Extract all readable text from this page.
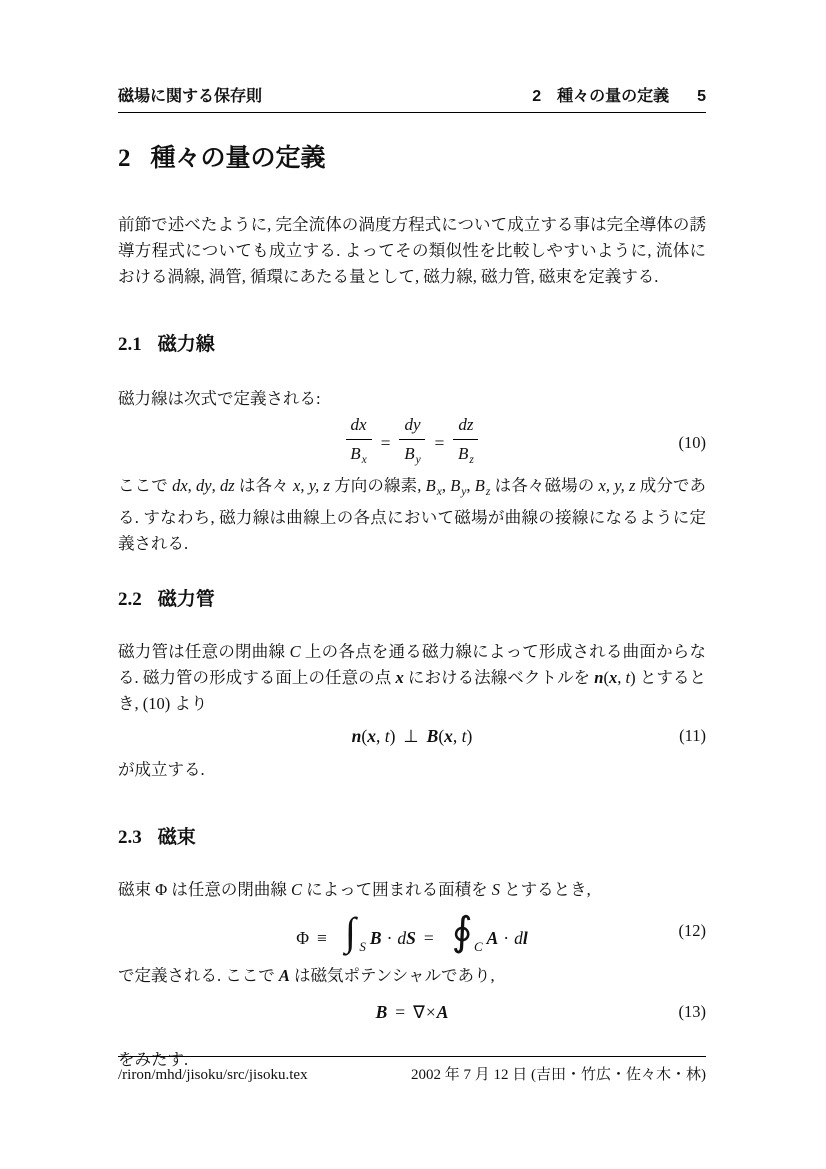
磁場に関する保存則	2　種々の量の定義 5
2 種々の量の定義

前節で述べたように, 完全流体の渦度方程式について成立する事は完全導体の誘導方程式についても成立する. よってその類似性を比較しやすいように, 流体における渦線, 渦管, 循環にあたる量として, 磁力線, 磁力管, 磁束を定義する.

2.1 磁力線

磁力線は次式で定義される:

$\frac{dx}{B_x} = \frac{dy}{B_y} = \frac{dz}{B_z}$	(10)

ここで dx, dy, dz は各々 x, y, z 方向の線素, $B_x$, $B_y$, $B_z$ は各々磁場の x, y, z 成分である. すなわち, 磁力線は曲線上の各点において磁場が曲線の接線になるように定義される.

2.2 磁力管

磁力管は任意の閉曲線 C 上の各点を通る磁力線によって形成される曲面からなる. 磁力管の形成する面上の任意の点 x における法線ベクトルを n(x, t) とするとき, (10) より

n(x, t) ⊥ B(x, t)	(11)

が成立する.

2.3 磁束

磁束 Φ は任意の閉曲線 C によって囲まれる面積を S とするとき,

Φ ≡ ∫ S B · dS = ∮ C A · dl	(12)

で定義される. ここで A は磁気ポテンシャルであり,

B = ∇×A	(13)

をみたす.

/riron/mhd/jisoku/src/jisoku.tex	2002 年 7 月 12 日 (吉田・竹広・佐々木・林)
